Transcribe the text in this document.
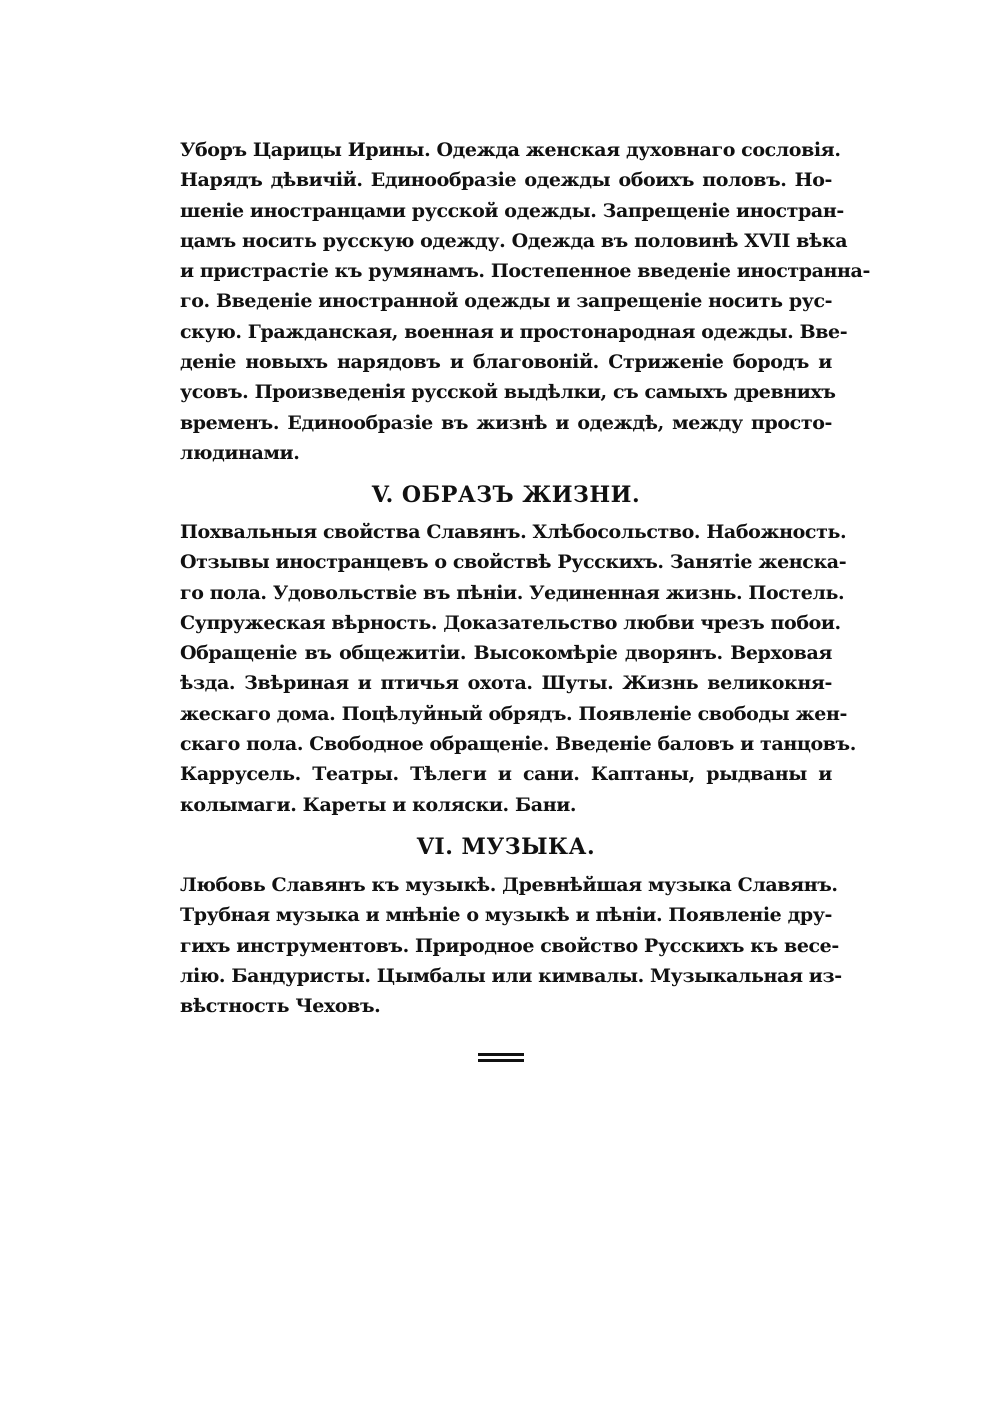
Уборъ Царицы Ирины. Одежда женская духовнаго сословія.
Нарядъ дѣвичій. Единообразіе одежды обоихъ половъ. Но-
шеніе иностранцами русской одежды. Запрещеніе иностран-
цамъ носить русскую одежду. Одежда въ половинѣ XVII вѣка
и пристрастіе къ румянамъ. Постепенное введеніе иностранна-
го. Введеніе иностранной одежды и запрещеніе носить рус-
скую. Гражданская, военная и простонародная одежды. Вве-
деніе новыхъ нарядовъ и благовоній. Стриженіе бородъ и
усовъ. Произведенія русской выдѣлки, съ самыхъ древнихъ
временъ. Единообразіе въ жизнѣ и одеждѣ, между просто-
людинами.
V. ОБРАЗЪ ЖИЗНИ.
Похвальныя свойства Славянъ. Хлѣбосольство. Набожность.
Отзывы иностранцевъ о свойствѣ Русскихъ. Занятіе женска-
го пола. Удовольствіе въ пѣніи. Уединенная жизнь. Постель.
Супружеская вѣрность. Доказательство любви чрезъ побои.
Обращеніе въ общежитіи. Высокомѣріе дворянъ. Верховая
ѣзда. Звѣриная и птичья охота. Шуты. Жизнь великокня-
жескаго дома. Поцѣлуйный обрядъ. Появленіе свободы жен-
скаго пола. Свободное обращеніе. Введеніе баловъ и танцовъ.
Каррусель. Театры. Тѣлеги и сани. Каптаны, рыдваны и
колымаги. Кареты и коляски. Бани.
VI. МУЗЫКА.
Любовь Славянъ къ музыкѣ. Древнѣйшая музыка Славянъ.
Трубная музыка и мнѣніе о музыкѣ и пѣніи. Появленіе дру-
гихъ инструментовъ. Природное свойство Русскихъ къ весе-
лію. Бандуристы. Цымбалы или кимвалы. Музыкальная из-
вѣстность Чеховъ.
